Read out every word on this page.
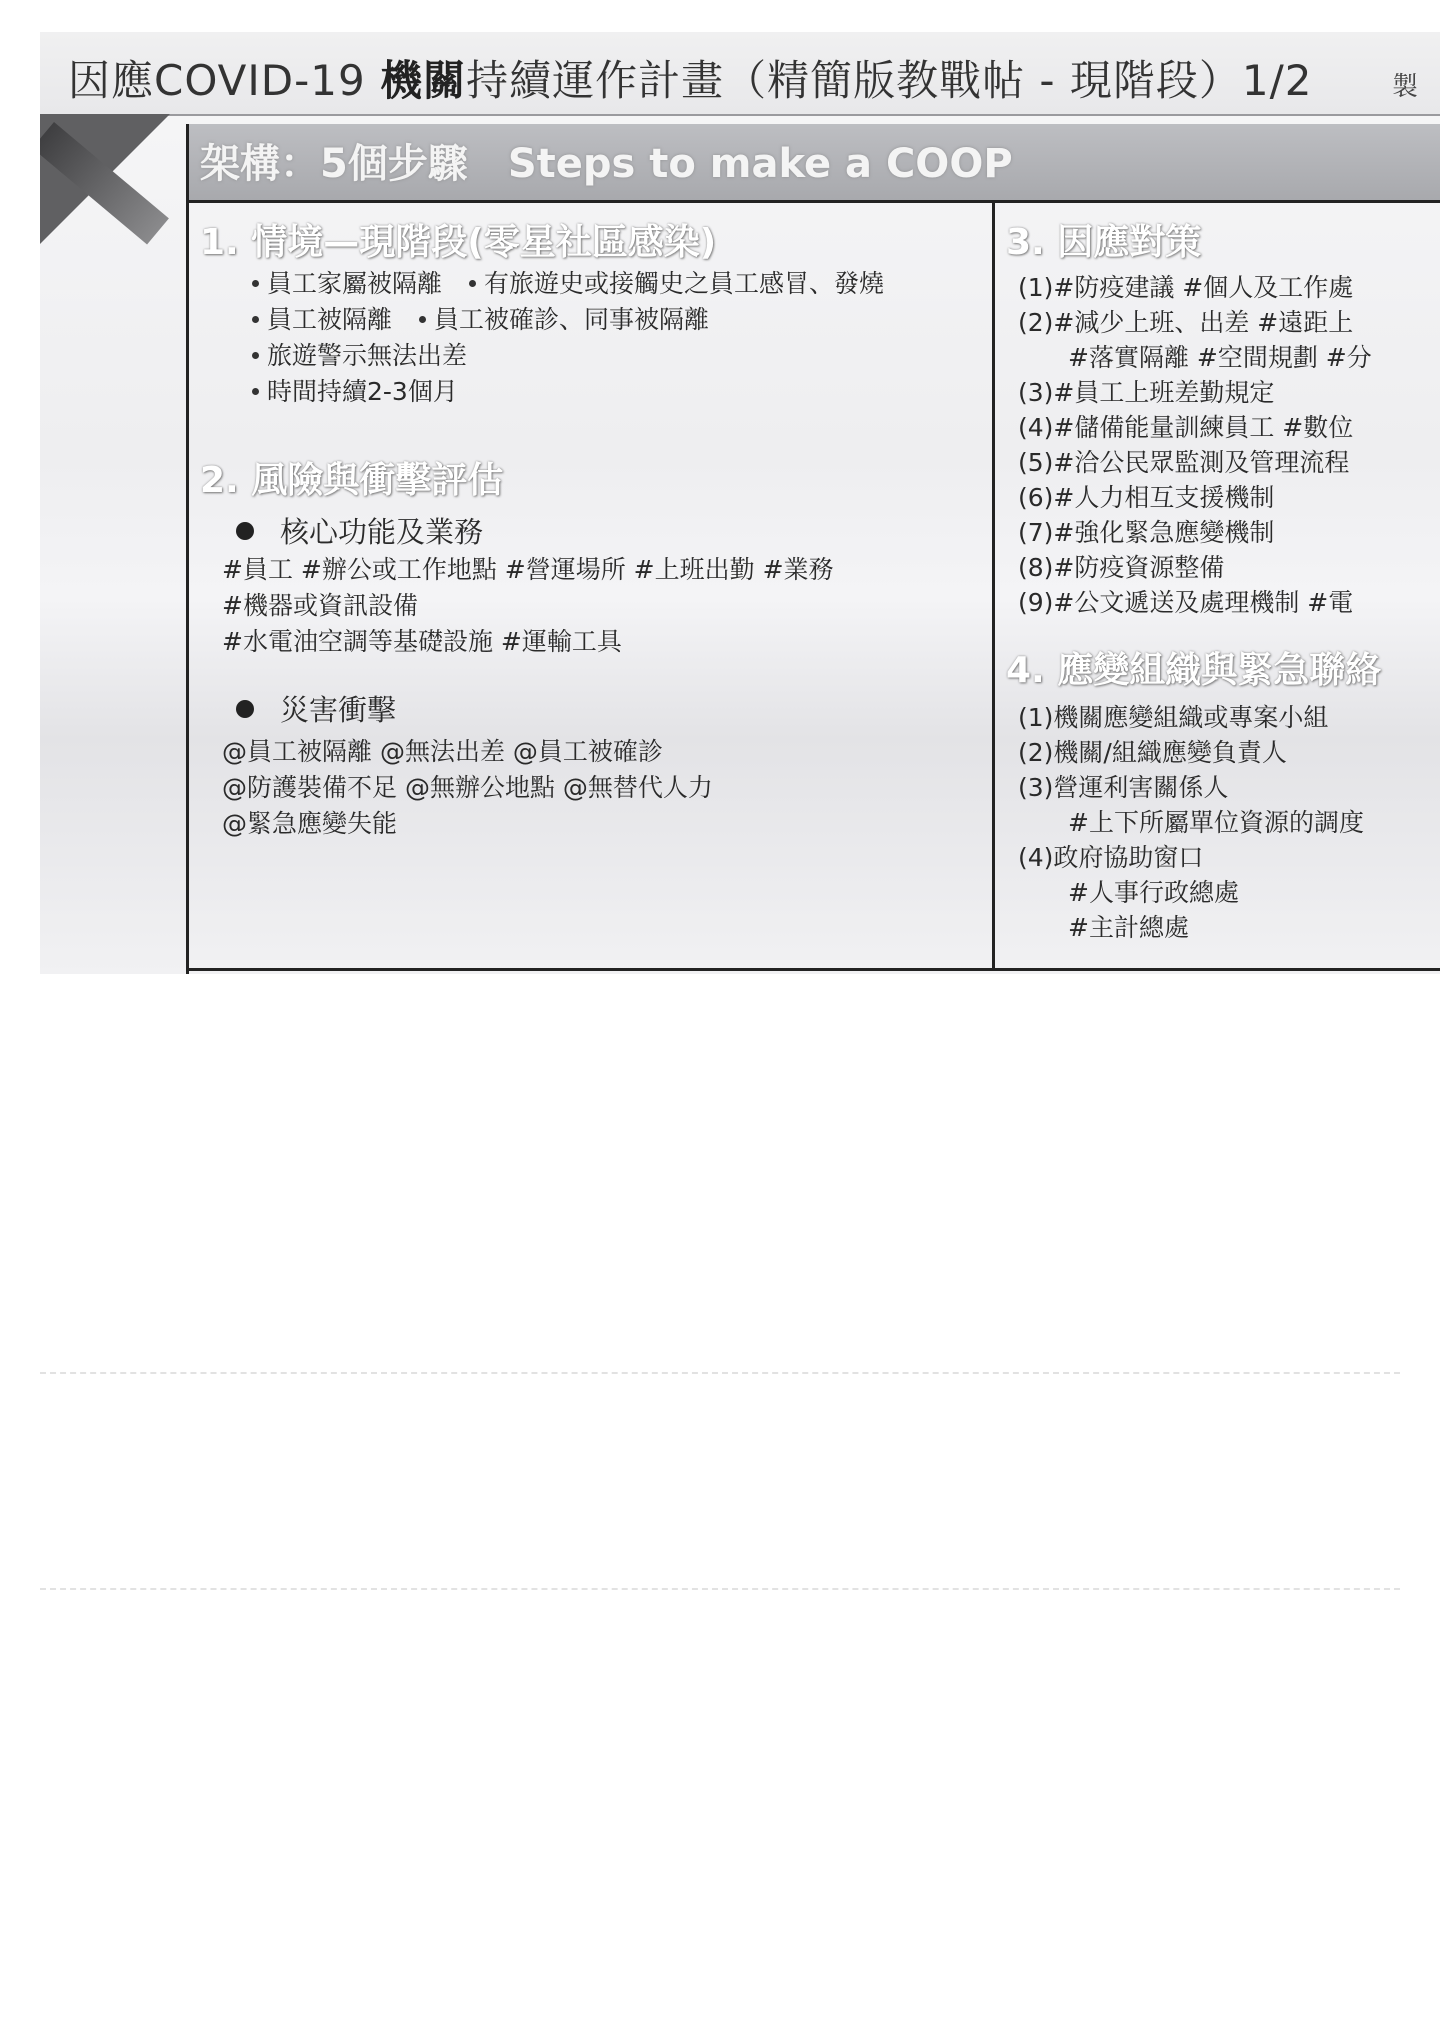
因應COVID-19 機關持續運作計畫（精簡版教戰帖 - 現階段）1/2	製
架構：5個步驟　Steps to make a COOP
1. 情境—現階段(零星社區感染)
員工家屬被隔離　 有旅遊史或接觸史之員工感冒、發燒
員工被隔離　 員工被確診、同事被隔離
旅遊警示無法出差
時間持續2-3個月
2. 風險與衝擊評估
核心功能及業務
#員工 #辦公或工作地點 #營運場所 #上班出勤 #業務
#機器或資訊設備
#水電油空調等基礎設施 #運輸工具
災害衝擊
@員工被隔離 @無法出差 @員工被確診
@防護裝備不足 @無辦公地點 @無替代人力
@緊急應變失能
3. 因應對策
(1)#防疫建議 #個人及工作處
(2)#減少上班、出差 #遠距上
　　#落實隔離 #空間規劃 #分
(3)#員工上班差勤規定
(4)#儲備能量訓練員工 #數位
(5)#洽公民眾監測及管理流程
(6)#人力相互支援機制
(7)#強化緊急應變機制
(8)#防疫資源整備
(9)#公文遞送及處理機制 #電
4. 應變組織與緊急聯絡
(1)機關應變組織或專案小組
(2)機關/組織應變負責人
(3)營運利害關係人
　　#上下所屬單位資源的調度
(4)政府協助窗口
　　#人事行政總處
　　#主計總處
